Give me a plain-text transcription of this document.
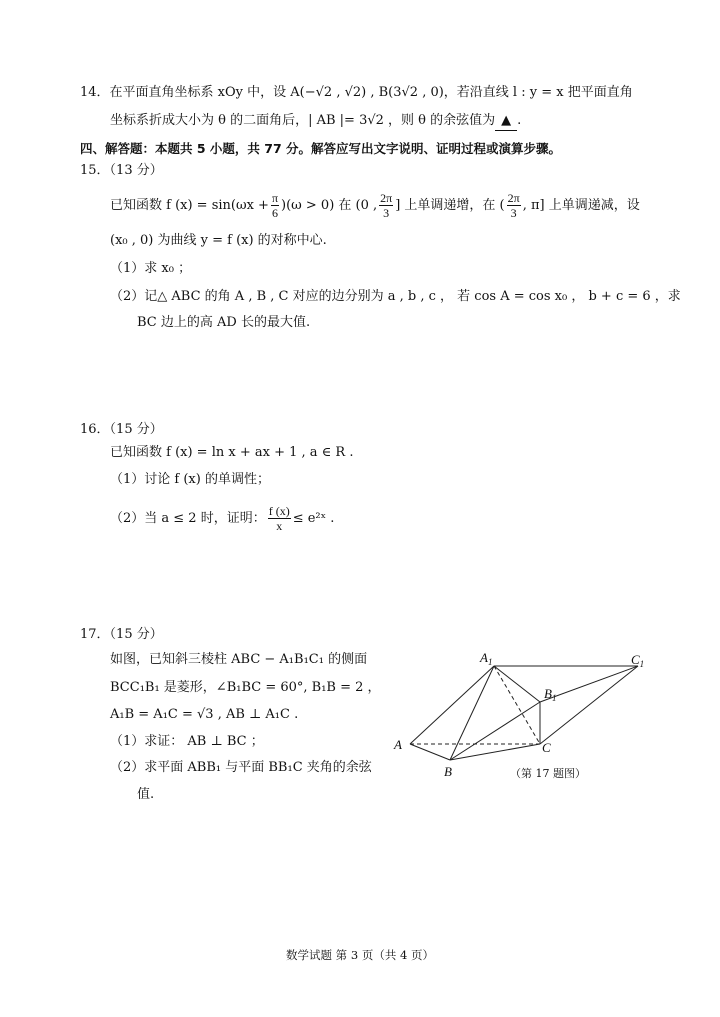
14．在平面直角坐标系 xOy 中，设 A(−√2 , √2) , B(3√2 , 0)，若沿直线 l : y = x 把平面直角
坐标系折成大小为 θ 的二面角后，| AB |= 3√2 ，则 θ 的余弦值为 ▲ .
四、解答题：本题共 5 小题，共 77 分。解答应写出文字说明、证明过程或演算步骤。
15．（13 分）
已知函数 f $(x) = \sin(\omega x + \frac{\pi}{6} )(\omega > 0)$ 在 (0 , $\frac{2\pi}{3}$ ] 上单调递增，在 ( $\frac{2\pi}{3}$ , π] 上单调递减，设
(x₀ , 0) 为曲线 y = f (x) 的对称中心.
（1）求 x₀ ；
（2）记△ ABC 的角 A , B , C 对应的边分别为 a , b , c ， 若 cos A = cos x₀ ， b + c = 6 ，求
BC 边上的高 AD 长的最大值.
16．（15 分）
已知函数 f (x) = ln x + ax + 1 , a ∈ R .
（1）讨论 f (x) 的单调性；
（2）当 a ≤ 2 时，证明： $\frac{f (x)}{x}$ ≤ e²ˣ .
17．（15 分）
如图，已知斜三棱柱 ABC − A₁B₁C₁ 的侧面
BCC₁B₁ 是菱形，∠B₁BC = 60°, B₁B = 2 ，
A₁B = A₁C = √3 , AB ⊥ A₁C .
（1）求证： AB ⊥ BC ；
（2）求平面 ABB₁ 与平面 BB₁C 夹角的余弦
值.
$A_1$	$C_1$
$B_1$
A	C
B	（第 17 题图）
数学试题 第 3 页（共 4 页）
